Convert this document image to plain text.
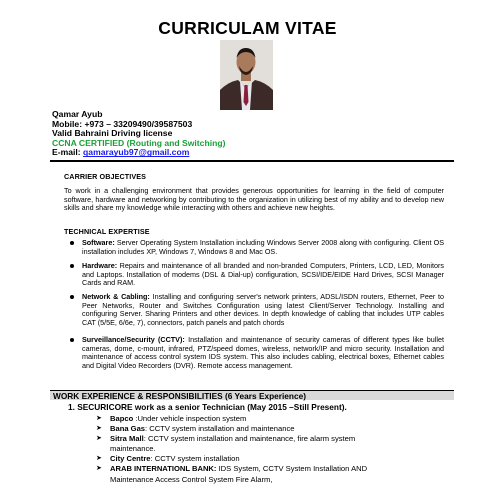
CURRICULAM VITAE
Qamar Ayub
Mobile: +973 – 33209490/39587503
Valid Bahraini Driving license
CCNA CERTIFIED (Routing and Switching)
E-mail: qamarayub97@gmail.com
CARRIER OBJECTIVES
To work in a challenging environment that provides generous opportunities for learning in the field of computer software, hardware and networking by contributing to the organization in utilizing best of my ability and to develop new skills and share my knowledge while interacting with others and achieve new heights.
TECHNICAL EXPERTISE
Software: Server Operating System Installation including Windows Server 2008 along with configuring. Client OS installation includes XP, Windows 7, Windows 8 and Mac OS.
Hardware: Repairs and maintenance of all branded and non-branded Computers, Printers, LCD, LED, Monitors and Laptops. Installation of modems (DSL & Dial-up) configuration, SCSI/IDE/EIDE Hard Drives, SCSI Manager Cards and RAM.
Network & Cabling: Installing and configuring server's network printers, ADSL/ISDN routers, Ethernet, Peer to Peer Networks, Router and Switches Configuration using latest Client/Server Technology. Installing and configuring Server. Sharing Printers and other devices. In depth knowledge of cabling that includes UTP cables CAT (5/5E, 6/6e, 7), connectors, patch panels and patch chords
Surveillance/Security (CCTV): Installation and maintenance of security cameras of different types like bullet cameras, dome, c-mount, infrared, PTZ/speed domes, wireless, network/IP and micro security. Installation and maintenance of access control system IDS system. This also includes cabling, electrical boxes, Ethernet cables and Digital Video Recorders (DVR). Remote access management.
WORK EXPERIENCE & RESPONSIBILITIES (6 Years Experience)
1. SECURICORE work as a senior Technician (May 2015 –Still Present).
➤ Bapco :Under vehicle inspection system
➤ Bana Gas: CCTV system installation and maintenance
➤ Sitra Mall: CCTV system installation and maintenance, fire alarm system
maintenance.
➤ City Centre: CCTV system installation
➤ ARAB INTERNATIONL BANK: IDS System, CCTV System Installation AND
Maintenance Access Control System Fire Alarm,
